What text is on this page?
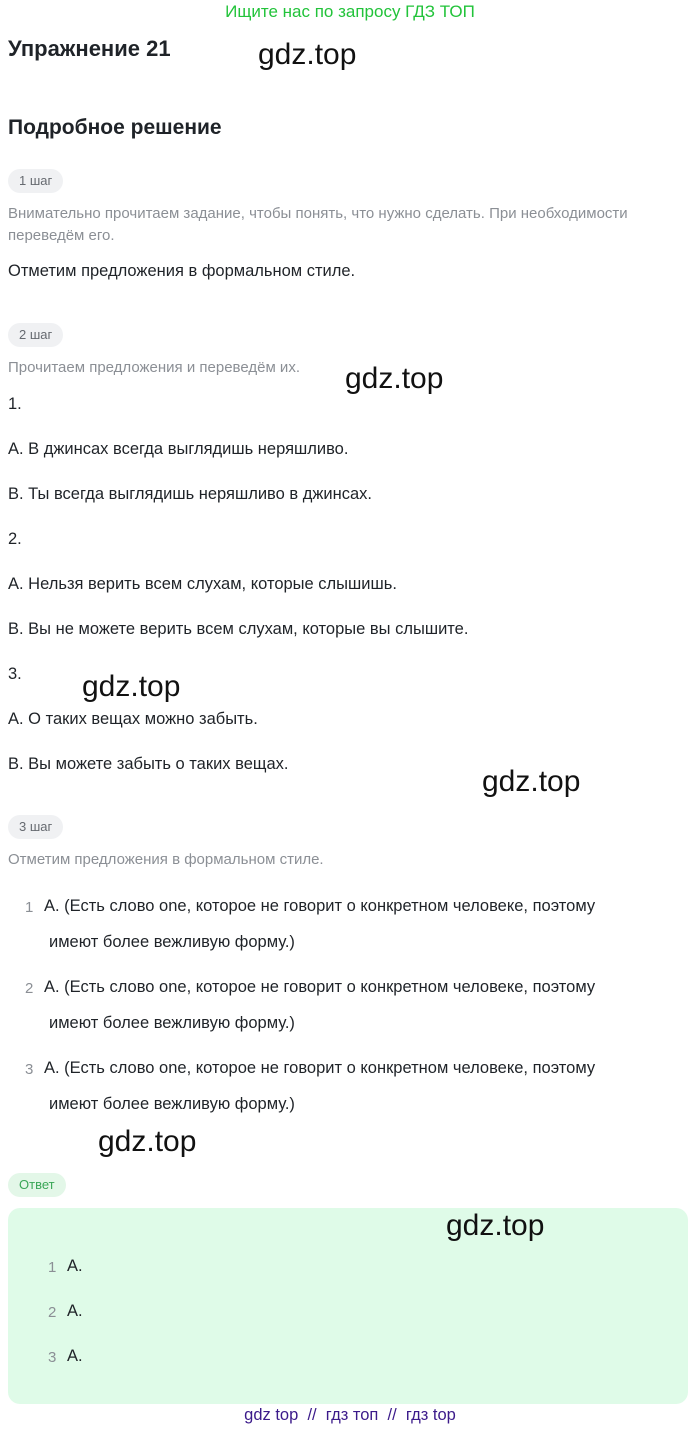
Ищите нас по запросу ГДЗ ТОП
Упражнение 21	gdz.top
Подробное решение
1 шаг
Внимательно прочитаем задание, чтобы понять, что нужно сделать. При необходимости переведём его.
Отметим предложения в формальном стиле.
2 шаг
Прочитаем предложения и переведём их. gdz.top
1.
A. В джинсах всегда выглядишь неряшливо.
B. Ты всегда выглядишь неряшливо в джинсах.
2.
A. Нельзя верить всем слухам, которые слышишь.
B. Вы не можете верить всем слухам, которые вы слышите.
3. gdz.top
A. О таких вещах можно забыть.
B. Вы можете забыть о таких вещах.
gdz.top
3 шаг
Отметим предложения в формальном стиле.
1 A. (Есть слово one, которое не говорит о конкретном человеке, поэтому
имеют более вежливую форму.)
2 A. (Есть слово one, которое не говорит о конкретном человеке, поэтому
имеют более вежливую форму.)
3 A. (Есть слово one, которое не говорит о конкретном человеке, поэтому
имеют более вежливую форму.)
gdz.top
Ответ
gdz.top
1 A.
2 A.
3 A.
gdz top  //  гдз топ  //  гдз top
